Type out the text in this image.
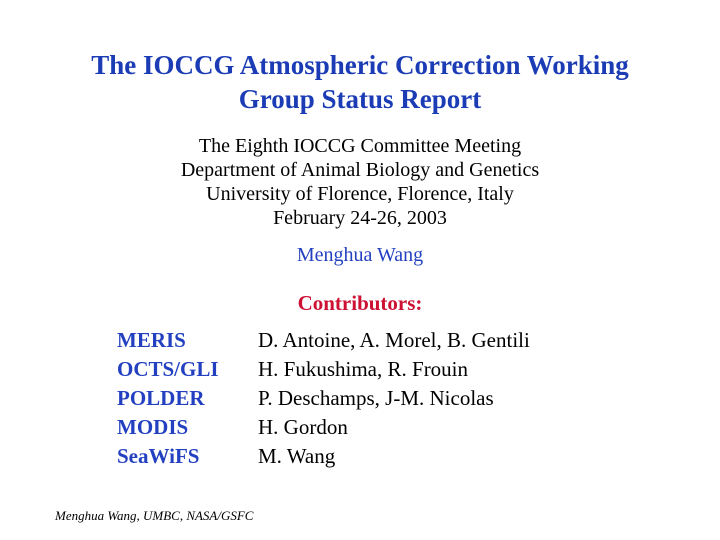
The IOCCG Atmospheric Correction Working
Group Status Report
The Eighth IOCCG Committee Meeting
Department of Animal Biology and Genetics
University of Florence, Florence, Italy
February 24-26, 2003
Menghua Wang
Contributors:
MERIS	D. Antoine, A. Morel, B. Gentili
OCTS/GLI	H. Fukushima, R. Frouin
POLDER	P. Deschamps, J-M. Nicolas
MODIS	H. Gordon
SeaWiFS	M. Wang
Menghua Wang, UMBC, NASA/GSFC
